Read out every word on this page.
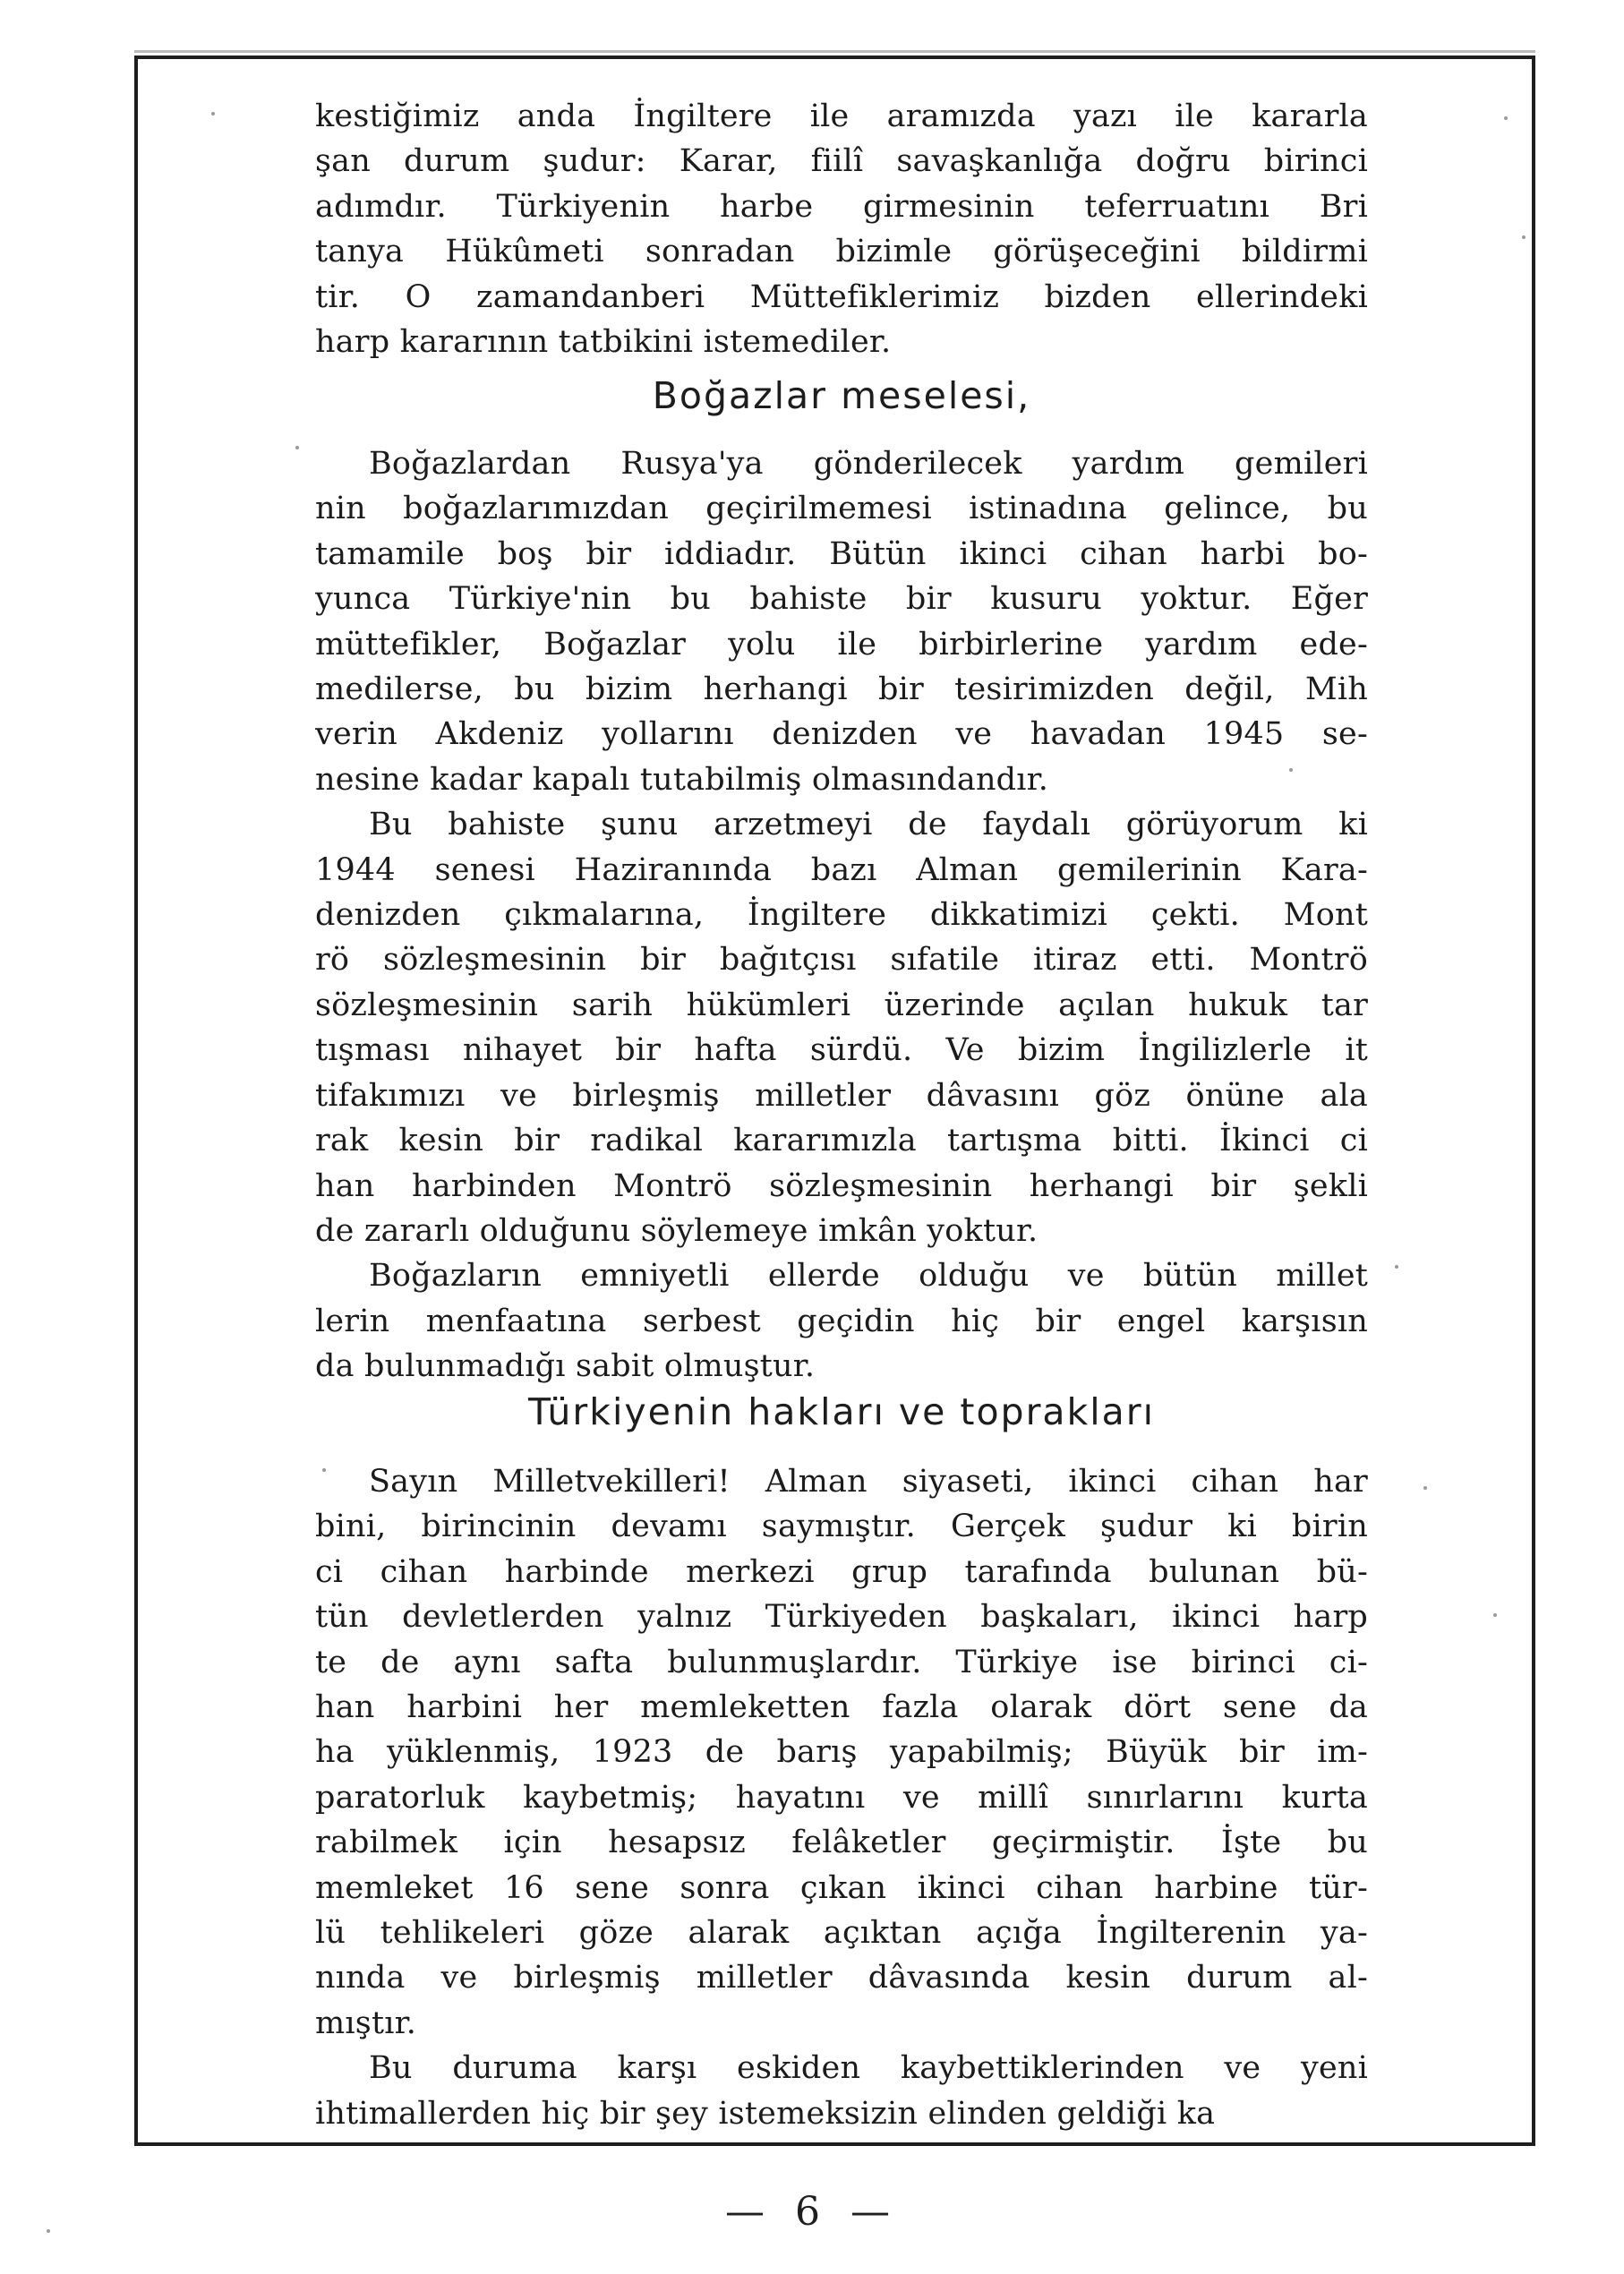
kestiğimiz anda İngiltere ile aramızda yazı ile kararla
şan durum şudur: Karar, fiilî savaşkanlığa doğru birinci
adımdır. Türkiyenin harbe girmesinin teferruatını Bri
tanya Hükûmeti sonradan bizimle görüşeceğini bildirmi
tir. O zamandanberi Müttefiklerimiz bizden ellerindeki
harp kararının tatbikini istemediler.
Boğazlar meselesi,
Boğazlardan Rusya'ya gönderilecek yardım gemileri
nin boğazlarımızdan geçirilmemesi istinadına gelince, bu
tamamile boş bir iddiadır. Bütün ikinci cihan harbi bo-
yunca Türkiye'nin bu bahiste bir kusuru yoktur. Eğer
müttefikler, Boğazlar yolu ile birbirlerine yardım ede-
medilerse, bu bizim herhangi bir tesirimizden değil, Mih
verin Akdeniz yollarını denizden ve havadan 1945 se-
nesine kadar kapalı tutabilmiş olmasındandır.
Bu bahiste şunu arzetmeyi de faydalı görüyorum ki
1944 senesi Haziranında bazı Alman gemilerinin Kara-
denizden çıkmalarına, İngiltere dikkatimizi çekti. Mont
rö sözleşmesinin bir bağıtçısı sıfatile itiraz etti. Montrö
sözleşmesinin sarih hükümleri üzerinde açılan hukuk tar
tışması nihayet bir hafta sürdü. Ve bizim İngilizlerle it
tifakımızı ve birleşmiş milletler dâvasını göz önüne ala
rak kesin bir radikal kararımızla tartışma bitti. İkinci ci
han harbinden Montrö sözleşmesinin herhangi bir şekli
de zararlı olduğunu söylemeye imkân yoktur.
Boğazların emniyetli ellerde olduğu ve bütün millet
lerin menfaatına serbest geçidin hiç bir engel karşısın
da bulunmadığı sabit olmuştur.
Türkiyenin hakları ve toprakları
Sayın Milletvekilleri! Alman siyaseti, ikinci cihan har
bini, birincinin devamı saymıştır. Gerçek şudur ki birin
ci cihan harbinde merkezi grup tarafında bulunan bü-
tün devletlerden yalnız Türkiyeden başkaları, ikinci harp
te de aynı safta bulunmuşlardır. Türkiye ise birinci ci-
han harbini her memleketten fazla olarak dört sene da
ha yüklenmiş, 1923 de barış yapabilmiş; Büyük bir im-
paratorluk kaybetmiş; hayatını ve millî sınırlarını kurta
rabilmek için hesapsız felâketler geçirmiştir. İşte bu
memleket 16 sene sonra çıkan ikinci cihan harbine tür-
lü tehlikeleri göze alarak açıktan açığa İngilterenin ya-
nında ve birleşmiş milletler dâvasında kesin durum al-
mıştır.
Bu duruma karşı eskiden kaybettiklerinden ve yeni
ihtimallerden hiç bir şey istemeksizin elinden geldiği ka
— 6 —
